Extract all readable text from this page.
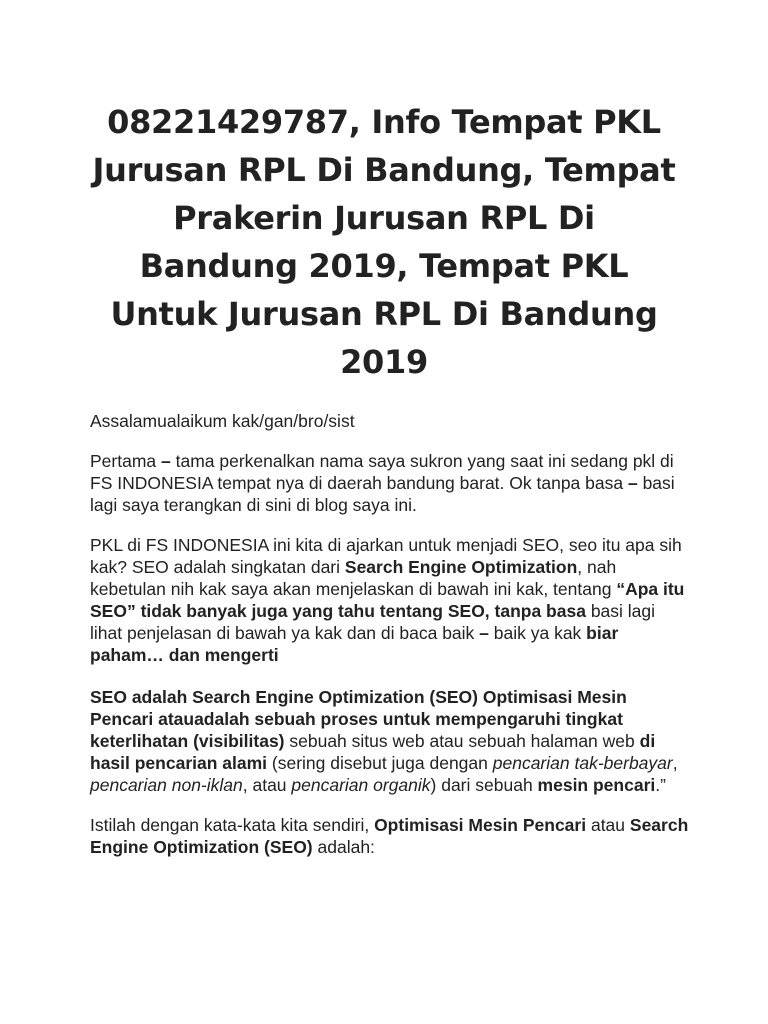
08221429787, Info Tempat PKL Jurusan RPL Di Bandung, Tempat Prakerin Jurusan RPL Di Bandung 2019, Tempat PKL Untuk Jurusan RPL Di Bandung 2019

Assalamualaikum kak/gan/bro/sist

Pertama – tama perkenalkan nama saya sukron yang saat ini sedang pkl di FS INDONESIA tempat nya di daerah bandung barat. Ok tanpa basa – basi lagi saya terangkan di sini di blog saya ini.

PKL di FS INDONESIA ini kita di ajarkan untuk menjadi SEO, seo itu apa sih kak? SEO adalah singkatan dari Search Engine Optimization, nah kebetulan nih kak saya akan menjelaskan di bawah ini kak, tentang “Apa itu SEO” tidak banyak juga yang tahu tentang SEO, tanpa basa basi lagi lihat penjelasan di bawah ya kak dan di baca baik – baik ya kak biar paham… dan mengerti

SEO adalah Search Engine Optimization (SEO) Optimisasi Mesin Pencari atauadalah sebuah proses untuk mempengaruhi tingkat keterlihatan (visibilitas) sebuah situs web atau sebuah halaman web di hasil pencarian alami (sering disebut juga dengan pencarian tak-berbayar, pencarian non-iklan, atau pencarian organik) dari sebuah mesin pencari.”

Istilah dengan kata-kata kita sendiri, Optimisasi Mesin Pencari atau Search Engine Optimization (SEO) adalah:
